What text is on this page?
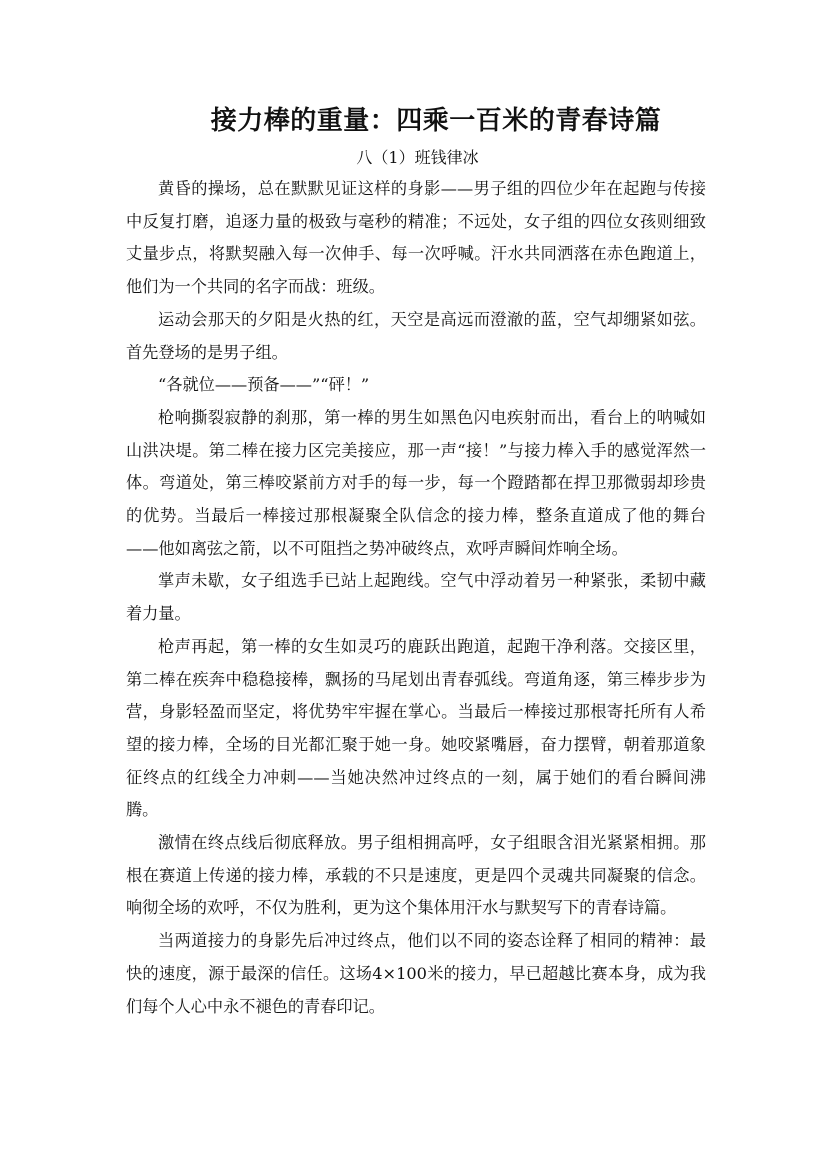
接力棒的重量：四乘一百米的青春诗篇
八（1）班钱律冰

黄昏的操场，总在默默见证这样的身影——男子组的四位少年在起跑与传接中反复打磨，追逐力量的极致与毫秒的精准；不远处，女子组的四位女孩则细致丈量步点，将默契融入每一次伸手、每一次呼喊。汗水共同洒落在赤色跑道上，他们为一个共同的名字而战：班级。

运动会那天的夕阳是火热的红，天空是高远而澄澈的蓝，空气却绷紧如弦。首先登场的是男子组。

“各就位——预备——”“砰！”

枪响撕裂寂静的刹那，第一棒的男生如黑色闪电疾射而出，看台上的呐喊如山洪决堤。第二棒在接力区完美接应，那一声“接！”与接力棒入手的感觉浑然一体。弯道处，第三棒咬紧前方对手的每一步，每一个蹬踏都在捍卫那微弱却珍贵的优势。当最后一棒接过那根凝聚全队信念的接力棒，整条直道成了他的舞台——他如离弦之箭，以不可阻挡之势冲破终点，欢呼声瞬间炸响全场。

掌声未歇，女子组选手已站上起跑线。空气中浮动着另一种紧张，柔韧中藏着力量。

枪声再起，第一棒的女生如灵巧的鹿跃出跑道，起跑干净利落。交接区里，第二棒在疾奔中稳稳接棒，飘扬的马尾划出青春弧线。弯道角逐，第三棒步步为营，身影轻盈而坚定，将优势牢牢握在掌心。当最后一棒接过那根寄托所有人希望的接力棒，全场的目光都汇聚于她一身。她咬紧嘴唇，奋力摆臂，朝着那道象征终点的红线全力冲刺——当她决然冲过终点的一刻，属于她们的看台瞬间沸腾。

激情在终点线后彻底释放。男子组相拥高呼，女子组眼含泪光紧紧相拥。那根在赛道上传递的接力棒，承载的不只是速度，更是四个灵魂共同凝聚的信念。响彻全场的欢呼，不仅为胜利，更为这个集体用汗水与默契写下的青春诗篇。

当两道接力的身影先后冲过终点，他们以不同的姿态诠释了相同的精神：最快的速度，源于最深的信任。这场4×100米的接力，早已超越比赛本身，成为我们每个人心中永不褪色的青春印记。
